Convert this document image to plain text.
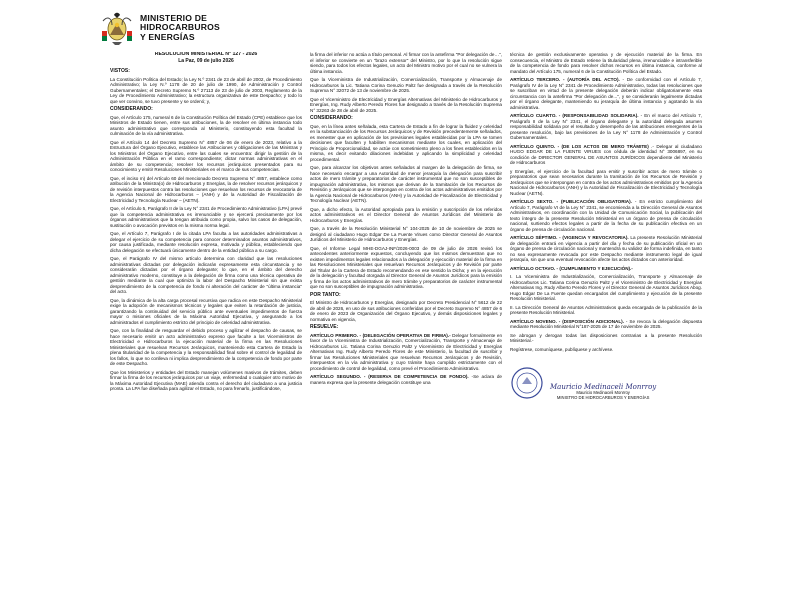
MINISTERIO DE
HIDROCARBUROS
Y ENERGÍAS
RESOLUCIÓN MINISTERIAL N° 127 - 2026
La Paz, 09 de julio 2026
VISTOS:
La Constitución Política del Estado; la Ley N.º 2341 de 23 de abril de 2002, de Procedimiento Administrativo; la Ley N.º 1178 de 20 de julio de 1990, de Administración y Control Gubernamentales; el Decreto Supremo N.º 27113 de 23 de julio de 2003, Reglamento de la Ley de Procedimiento Administrativo; la estructura organizativa de este Despacho; y todo lo que ver convino, se tuvo presente y se ordenó; y,
CONSIDERANDO:
Que, el Artículo 175, numeral 6 de la Constitución Política del Estado (CPE) establece que los Ministros de Estado tienen, entre sus atribuciones, la de resolver en última instancia todo asunto administrativo que corresponda al Ministerio, constituyendo esta facultad la culminación de la vía administrativa.
Que el Artículo 14 del Decreto Supremo N° 4857 de 06 de enero de 2023, relativo a la Estructura del Órgano Ejecutivo, establece las Atribuciones y obligaciones de las Ministras y los Ministros del Órgano Ejecutivo, entre las cuales se encuentra: dirigir la gestión de la Administración Pública en el ramo correspondiente; dictar normas administrativas en el ámbito de su competencia; resolver los recursos jerárquicos presentados para su conocimiento y emitir Resoluciones Ministeriales en el marco de sus competencias.
Que, el inciso m) del Artículo 60 del mencionado Decreto Supremo N° 4857, establece como atribución de la Ministra(o) de Hidrocarburos y Energías, la de resolver recursos jerárquicos y de revisión interpuestos contra las resoluciones que resuelvan los recursos de revocatoria de la Agencia Nacional de Hidrocarburos – (ANH) y de la Autoridad de Fiscalización de Electricidad y Tecnología Nuclear – (AETN).
Que, el Artículo 5, Parágrafo II de la Ley N° 2341 de Procedimiento Administrativo (LPA) prevé que la competencia administrativa es irrenunciable y se ejercerá precisamente por los órganos administrativos que la tengan atribuida como propia, salvo los casos de delegación, sustitución o avocación previstos en la misma norma legal.
Que, el Artículo 7, Parágrafo I de la citada LPA faculta a las autoridades administrativas a delegar el ejercicio de su competencia para conocer determinados asuntos administrativos, por causa justificada, mediante resolución expresa, motivada y pública, estableciendo que dicha delegación se efectuará únicamente dentro de la entidad pública a su cargo.
Que, el Parágrafo IV del mismo artículo determina con claridad que las resoluciones administrativas dictadas por delegación indicarán expresamente esta circunstancia y se considerarán dictadas por el órgano delegante; lo que, en el ámbito del derecho administrativo moderno, constituye a la delegación de firma como una técnica operativa de gestión mediante la cual que optimiza la labor del Despacho Ministerial sin que exista desprendimiento de la competencia de fondo ni alteración del carácter de "última instancia" del acto.
Que, la dinámica de la alta carga procesal recursiva que radica en este Despacho Ministerial exige la adopción de mecanismos técnicos y legales que eviten la retardación de justicia, garantizando la continuidad del servicio público ante eventuales impedimentos de fuerza mayor o misiones oficiales de la Máxima Autoridad Ejecutiva, y asegurando a los administrados el cumplimiento estricto del principio de celeridad administrativa.
Que, con la finalidad de resguardar el debido proceso y agilizar el despacho de causas, se hace necesario emitir un acto administrativo expreso que faculte a los Viceministros de Electricidad e Hidrocarburos la ejecución material de la firma en las Resoluciones Ministeriales que resuelvan Recursos Jerárquicos, manteniendo esta Cartera de Estado la plena titularidad de la competencia y la responsabilidad final sobre el control de legalidad de los fallos, lo que no conlleva ni implica desprendimiento de la competencia de fondo por parte de este Despacho.
Que los Ministerios y entidades del Estado manejan volúmenes masivos de trámites, deben firmar la firma de los recursos jerárquicos por un viaje, enfermedad o cualquier otro motivo de la Máxima Autoridad Ejecutiva (MAE) atienda contra el derecho del ciudadano a una justicia pronta. La LPA fue diseñada para agilizar el Estado, no para frenarlo, justificándose,
la firma del inferior no actúa a título personal. Al firmar con la antefirma "Por delegación de…", el inferior se convierte en un "brazo extensor" del Ministro, por lo que la resolución sigue siendo, para todos los efectos legales, un acto del Ministro motivo por el cual no se vulnera la última instancia.
Que la Viceministra de Industrialización, Comercialización, Transporte y Almacenaje de Hidrocarburos la Lic. Tatiana Corina Genuzio Paltz fue designada a través de la Resolución Suprema N° 32072 de 13 de noviembre de 2025.
Que el Viceministro de Electricidad y Energías Alternativas del Ministerio de Hidrocarburos y Energías, Ing. Rudy Alberto Peredo Flores fue designado a través de la Resolución Suprema N° 32263 de 28 de abril de 2025.
CONSIDERANDO:
Que, en la línea antes señalada, esta Cartera de Estado a fin de lograr la fluidez y celeridad en la substanciación de los Recursos Jerárquicos y de Revisión precedentemente señalados, es menester que en aplicación de los previsiones legales establecidas por la LPA se tomen decisiones que faculten y habiliten mecanismos mediante los cuales, en aplicación del Principio de Proporcionalidad, se actúe con sometimiento pleno a los fines establecidos en la misma, es decir evitando dilaciones indebidas y aplicando la simplicidad y celeridad procedimental.
Que, para alcanzar los objetivos antes señalados al margen de la delegación de firma, se hace necesario encargar a una Autoridad de menor jerarquía la delegación para suscribir actos de mero trámite y preparatorios de carácter instrumental que no son susceptibles de impugnación administrativa, los mismos que derivan de la tramitación de los Recursos de Revisión y Jerárquicos que se interpongan en contra de los actos administrativos emitidos por la Agencia Nacional de Hidrocarburos (ANH) y la Autoridad de Fiscalización de Electricidad y Tecnología Nuclear (AETN).
Que, a dicho efecto, la Autoridad apropiada para la emisión y suscripción de los referidos actos administrativos es el Director General de Asuntos Jurídicos del Ministerio de Hidrocarburos y Energías.
Que, a través de la Resolución Ministerial N° 104-2025 de 10 de noviembre de 2025 se designó al ciudadano Hugo Edgar De La Fuente Virues como Director General de Asuntos Jurídicos del Ministerio de Hidrocarburos y Energías.
Que, el Informe Legal MHE-DGAJ-INF/2026-0003 de 09 de julio de 2026 revisó los antecedentes anteriormente expuestos, concluyendo que los mismos demuestran que no existen impedimentos legales relacionados a la delegación y ejecución material de la firma en las Resoluciones Ministeriales que resuelvan Recursos Jerárquicos y de Revisión por parte del Titular de la Cartera de Estado recomendando en ese sentido la Dicha; y en la ejecución de la delegación y facultad otorgada al Director General de Asuntos Jurídicos para la emisión y firma de los actos administrativos de mero trámite y preparatorios de carácter instrumental que no son susceptibles de impugnación administrativa.
POR TANTO:
El Ministro de Hidrocarburos y Energías, designado por Decreto Presidencial N° 5612 de 22 de abril de 2026, en uso de sus atribuciones conferidas por el Decreto Supremo N° 4857 de 6 de enero de 2023 de Organización del Órgano Ejecutivo, y demás disposiciones legales y normativa en vigencia,
RESUELVE:
ARTÍCULO PRIMERO. - (DELEGACIÓN OPERATIVA DE FIRMA).- Delegar formalmente en favor de la Viceministra de Industrialización, Comercialización, Transporte y Almacenaje de Hidrocarburos Lic. Tatiana Corina Genuzio Paltz y Viceministro de Electricidad y Energías Alternativas Ing. Rudy Alberto Peredo Flores de este Ministerio, la facultad de suscribir y firmar las Resoluciones Ministeriales que resuelvan Recursos Jerárquicos y de Revisión, interpuestos en la vía administrativa y cuyo trámite haya cumplido estrictamente con el procedimiento de control de legalidad, como prevé el Procedimiento Administrativo.
ARTÍCULO SEGUNDO. - (RESERVA DE COMPETENCIA DE FONDO). -Se aclara de manera expresa que la presente delegación constituye una
técnica de gestión exclusivamente operativa y de ejecución material de la firma. En consecuencia, el Ministro de Estado retiene la titularidad plena, irrenunciable e intransferible de la competencia de fondo para resolver dichos recursos en última instancia, conforme al mandato del Artículo 175, numeral 6 de la Constitución Política del Estado.
ARTÍCULO TERCERO. - (AUTORÍA DEL ACTO). - De conformidad con el Artículo 7, Parágrafo IV de la Ley N° 2341 de Procedimiento Administrativo, todas las resoluciones que se suscriban en virtud de la presente delegación deberán indicar obligatoriamente esta circunstancia con la antefirma "Por delegación de...", y se considerarán legalmente dictadas por el órgano delegante, manteniendo su jerarquía de última instancia y agotando la vía administrativa.
ARTÍCULO CUARTO. - (RESPONSABILIDAD SOLIDARIA). - En el marco del Artículo 7, Parágrafo II de la Ley N° 2341, el órgano delegante y la autoridad delegada asumen responsabilidad solidaria por el resultado y desempeño de las atribuciones emergentes de la presente resolución, bajo las previsiones de la Ley N° 1178 de Administración y Control Gubernamentales.
ARTÍCULO QUINTO. - (DE LOS ACTOS DE MERO TRÁMITE) .- Delegar al ciudadano HUGO EDGAR DE LA FUENTE VIRUES con cédula de identidad N° 3006897, en su condición de DIRECTOR GENERAL DE ASUNTOS JURÍDICOS dependiente del Ministerio de Hidrocarburos
y Energías, el ejercicio de la facultad para emitir y suscribir actos de mero trámite o preparatorios que sean necesarios durante la tramitación de los Recursos de Revisión y Jerárquicos que se interpongan en contra de los actos administrativos emitidos por la Agencia Nacional de Hidrocarburos (ANH) y la Autoridad de Fiscalización de Electricidad y Tecnología Nuclear (AETN).
ARTÍCULO SEXTO. - (PUBLICACIÓN OBLIGATORIA). - En estricto cumplimiento del Artículo 7, Parágrafo VI de la Ley N° 2341, se encomienda a la Dirección General de Asuntos Administrativos, en coordinación con la Unidad de Comunicación Social, la publicación del texto íntegro de la presente Resolución Ministerial en un órgano de prensa de circulación nacional, surtiendo efectos legales a partir de la fecha de su publicación efectiva en un órgano de prensa de circulación nacional.
ARTÍCULO SÉPTIMO. - (VIGENCIA Y REVOCATORIA). La presente Resolución Ministerial de delegación entrará en vigencia a partir del día y fecha de su publicación oficial en un órgano de prensa de circulación nacional y mantendrá su validez de forma indefinida, en tanto no sea expresamente revocada por este Despacho mediante instrumento legal de igual jerarquía, sin que una eventual revocación afecte los actos dictados con anterioridad.
ARTÍCULO OCTAVO. - (CUMPLIMIENTO Y EJECUCIÓN).-
I. La Viceministra de Industrialización, Comercialización, Transporte y Almacenaje de Hidrocarburos Lic. Tatiana Corina Genuzio Paltz y el Viceministro de Electricidad y Energías Alternativas Ing. Rudy Alberto Peredo Flores y el Director General de Asuntos Jurídicos Abog. Hugo Edgar De La Fuente quedan encargados del cumplimiento y ejecución de la presente Resolución Ministerial.
II. La Dirección General de Asuntos Administrativos queda encargada de la publicación de la presente Resolución Ministerial.
ARTÍCULO NOVENO. - (DISPOSICIÓN ADICIONAL). - Se revoca la delegación dispuesta mediante Resolución Ministerial N°187-2025 de 17 de noviembre de 2025.
Se abrogan y derogan todas las disposiciones contrarias a la presente Resolución Ministerial.-
Regístrese, comuníquese, publíquese y archívese.
Mauricio Medinaceli Monrroy
Mauricio Medinaceli Monrroy
MINISTRO DE HIDROCARBUROS Y ENERGÍAS
